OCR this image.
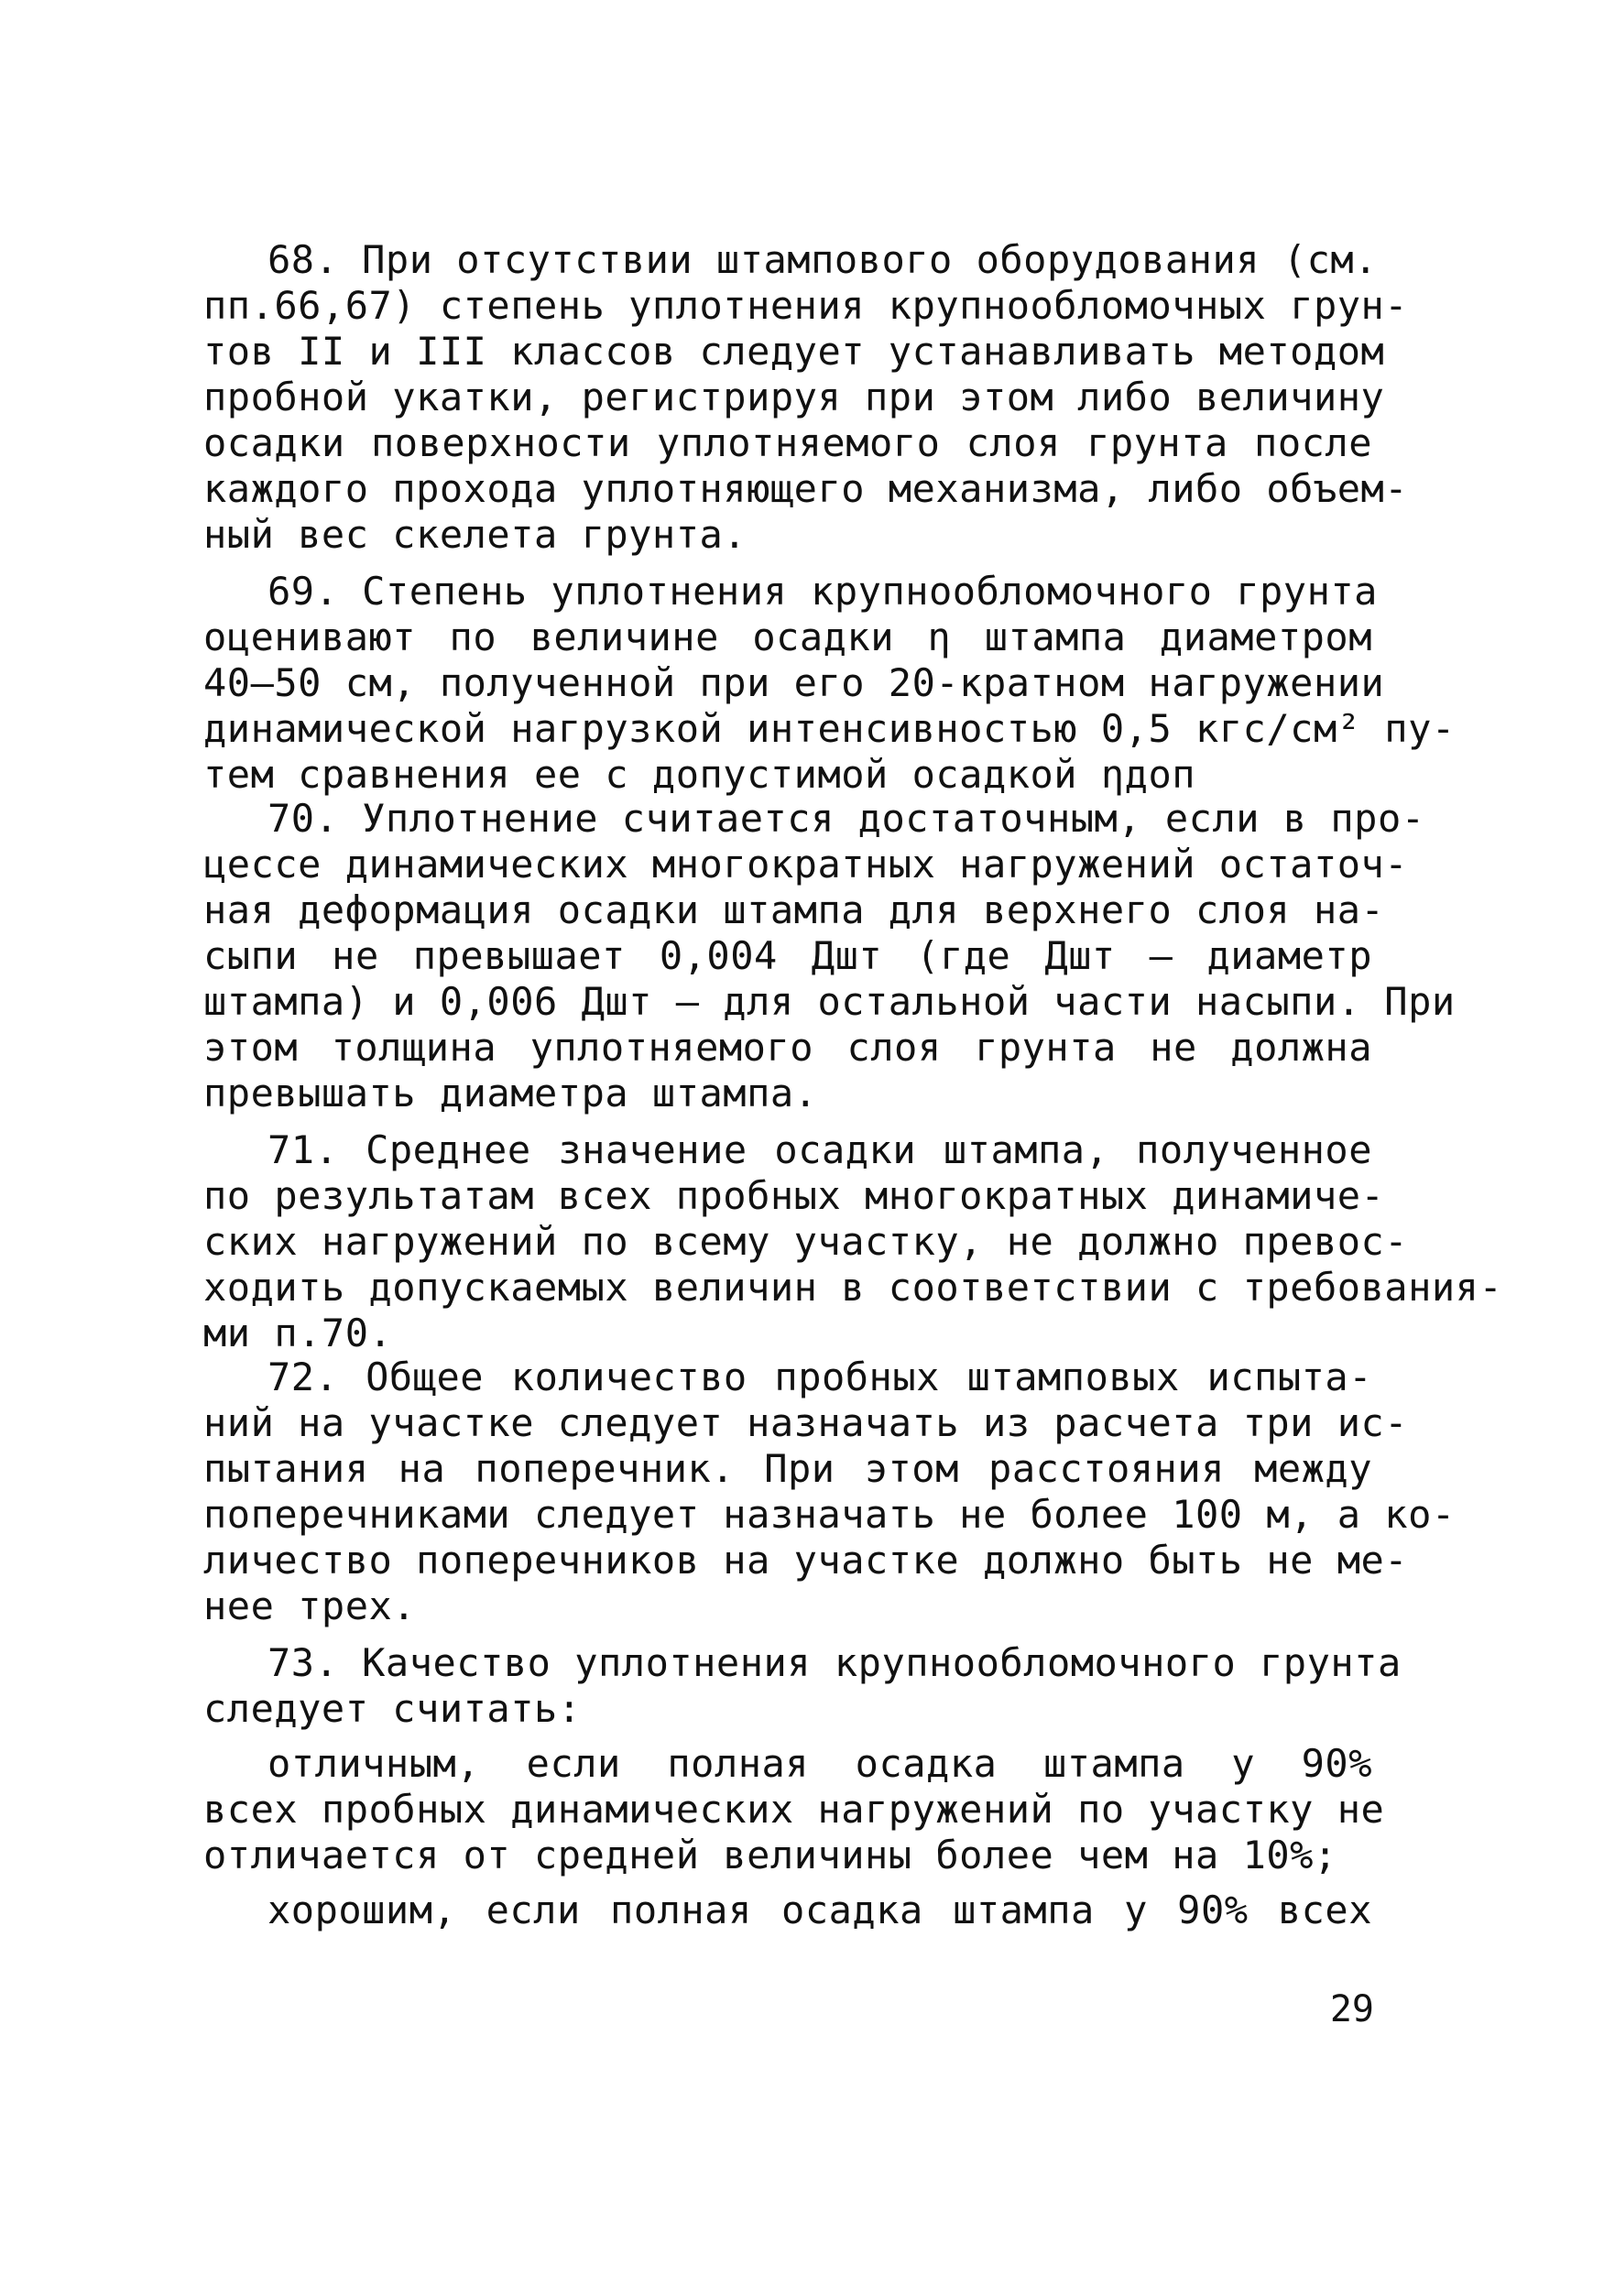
68. При отсутствии штампового оборудования (см.
пп.66,67) степень уплотнения крупнообломочных грун-
тов II и III классов следует устанавливать методом
пробной укатки, регистрируя при этом либо величину
осадки поверхности уплотняемого слоя грунта после
каждого прохода уплотняющего механизма, либо объем-
ный вес скелета грунта.
69. Степень уплотнения крупнообломочного грунта
оценивают по величине осадки η штампа диаметром
40–50 см, полученной при его 20-кратном нагружении
динамической нагрузкой интенсивностью 0,5 кгс/см² пу-
тем сравнения ее с допустимой осадкой ηдоп
70. Уплотнение считается достаточным, если в про-
цессе динамических многократных нагружений остаточ-
ная деформация осадки штампа для верхнего слоя на-
сыпи не превышает 0,004 Дшт (где Дшт – диаметр
штампа) и 0,006 Дшт – для остальной части насыпи. При
этом толщина уплотняемого слоя грунта не должна
превышать диаметра штампа.
71. Среднее значение осадки штампа, полученное
по результатам всех пробных многократных динамиче-
ских нагружений по всему участку, не должно превос-
ходить допускаемых величин в соответствии с требования-
ми п.70.
72. Общее количество пробных штамповых испыта-
ний на участке следует назначать из расчета три ис-
пытания на поперечник. При этом расстояния между
поперечниками следует назначать не более 100 м, а ко-
личество поперечников на участке должно быть не ме-
нее трех.
73. Качество уплотнения крупнообломочного грунта
следует считать:
отличным, если полная осадка штампа у 90%
всех пробных динамических нагружений по участку не
отличается от средней величины более чем на 10%;
хорошим, если полная осадка штампа у 90% всех
29
